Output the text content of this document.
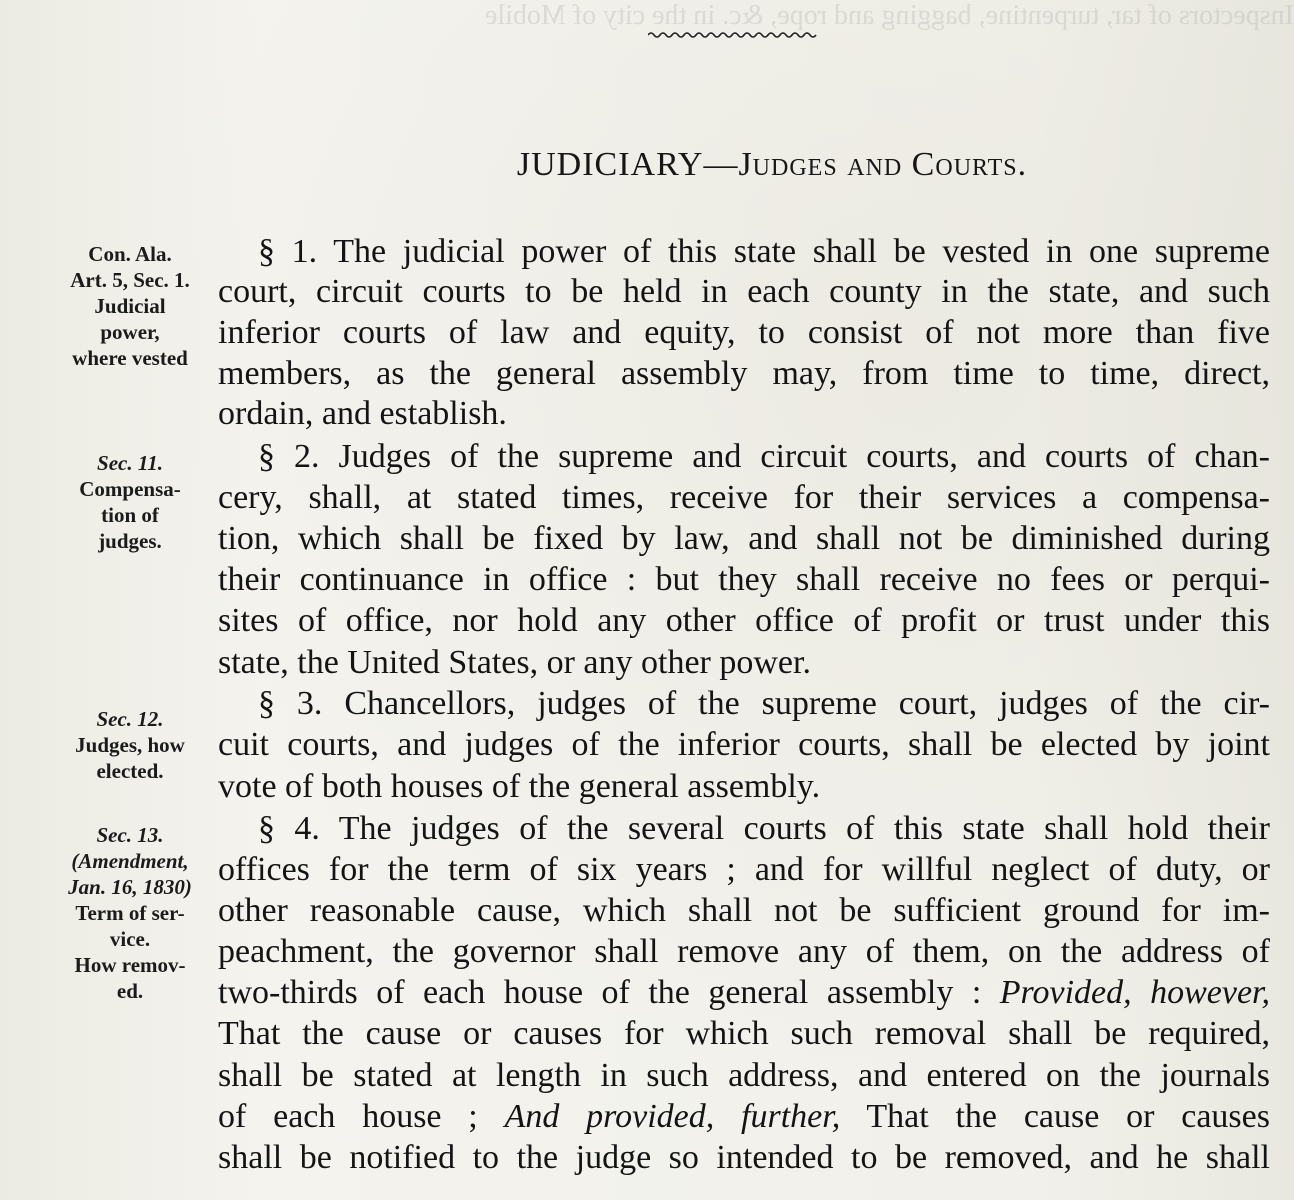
Inspectors of tar, turpentine, bagging and rope, &c. in the city of Mobile
JUDICIARY—Judges and Courts.
Con. Ala.
Art. 5, Sec. 1.
Judicial
power,
where vested
Sec. 11.
Compensa-
tion of
judges.
Sec. 12.
Judges, how
elected.
Sec. 13.
(Amendment,
Jan. 16, 1830)
Term of ser-
vice.
How remov-
ed.
§ 1. The judicial power of this state shall be vested in one supreme
court, circuit courts to be held in each county in the state, and such
inferior courts of law and equity, to consist of not more than five
members, as the general assembly may, from time to time, direct,
ordain, and establish.
§ 2. Judges of the supreme and circuit courts, and courts of chan-
cery, shall, at stated times, receive for their services a compensa-
tion, which shall be fixed by law, and shall not be diminished during
their continuance in office : but they shall receive no fees or perqui-
sites of office, nor hold any other office of profit or trust under this
state, the United States, or any other power.
§ 3. Chancellors, judges of the supreme court, judges of the cir-
cuit courts, and judges of the inferior courts, shall be elected by joint
vote of both houses of the general assembly.
§ 4. The judges of the several courts of this state shall hold their
offices for the term of six years ; and for willful neglect of duty, or
other reasonable cause, which shall not be sufficient ground for im-
peachment, the governor shall remove any of them, on the address of
two-thirds of each house of the general assembly : Provided, however,
That the cause or causes for which such removal shall be required,
shall be stated at length in such address, and entered on the journals
of each house ; And provided, further, That the cause or causes
shall be notified to the judge so intended to be removed, and he shall
